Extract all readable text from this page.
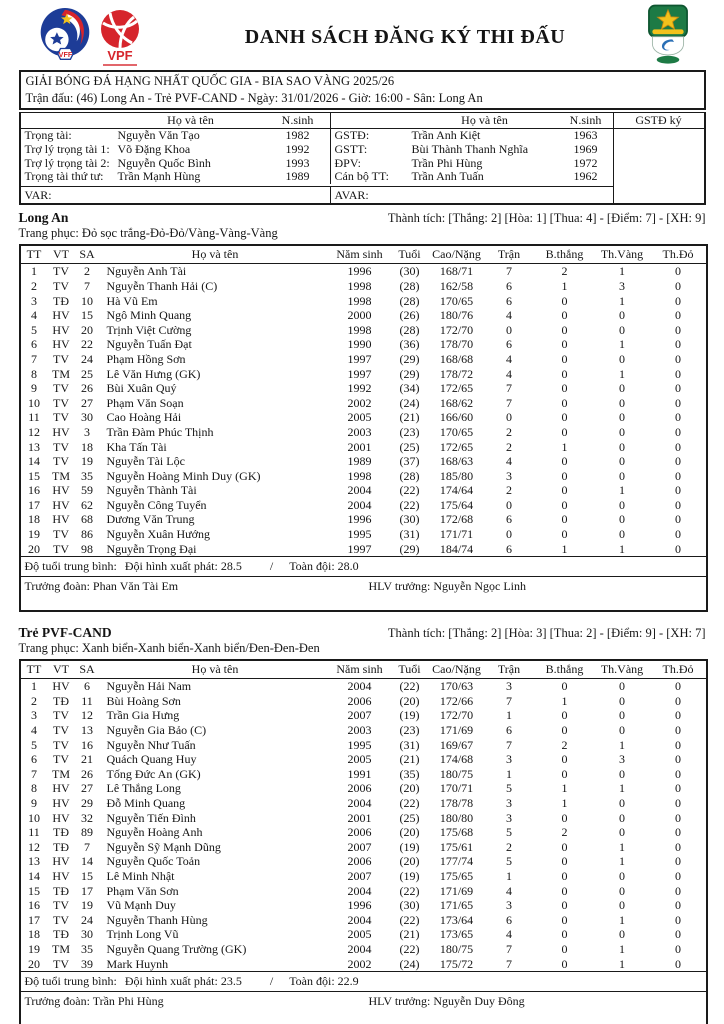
VFF	VPF
DANH SÁCH ĐĂNG KÝ THI ĐẤU
GIẢI BÓNG ĐÁ HẠNG NHẤT QUỐC GIA - BIA SAO VÀNG 2025/26
Trận đấu: (46) Long An - Trẻ PVF-CAND - Ngày: 31/01/2026 - Giờ: 16:00 - Sân: Long An
Họ và tên	N.sinh	Họ và tên	N.sinh
Trọng tài:	Nguyễn Văn Tạo	1982	GSTĐ:	Trần Anh Kiệt	1963
Trợ lý trọng tài 1: Võ Đặng Khoa	1992	GSTT:	Bùi Thành Thanh Nghĩa	1969
Trợ lý trọng tài 2: Nguyễn Quốc Bình	1993	ĐPV:	Trần Phi Hùng	1972
Trọng tài thứ tư:	Trần Mạnh Hùng	1989	Cán bộ TT:	Trần Anh Tuấn	1962
VAR:	AVAR:
GSTĐ ký
Long An	Thành tích: [Thắng: 2] [Hòa: 1] [Thua: 4] - [Điểm: 7] - [XH: 9]
Trang phục: Đỏ sọc trắng-Đỏ-Đỏ/Vàng-Vàng-Vàng
TT	VT	SA	Họ và tên	Năm sinh	Tuổi	Cao/Nặng	Trận	B.thắng	Th.Vàng	Th.Đỏ
1	TV	2	Nguyễn Anh Tài	1996	(30)	168/71	7	2	1	0
2	TV	7	Nguyễn Thanh Hải (C)	1998	(28)	162/58	6	1	3	0
3	TĐ	10	Hà Vũ Em	1998	(28)	170/65	6	0	1	0
4	HV	15	Ngô Minh Quang	2000	(26)	180/76	4	0	0	0
5	HV	20	Trịnh Việt Cường	1998	(28)	172/70	0	0	0	0
6	HV	22	Nguyễn Tuấn Đạt	1990	(36)	178/70	6	0	1	0
7	TV	24	Phạm Hồng Sơn	1997	(29)	168/68	4	0	0	0
8	TM	25	Lê Văn Hưng (GK)	1997	(29)	178/72	4	0	1	0
9	TV	26	Bùi Xuân Quý	1992	(34)	172/65	7	0	0	0
10	TV	27	Phạm Văn Soạn	2002	(24)	168/62	7	0	0	0
11	TV	30	Cao Hoàng Hải	2005	(21)	166/60	0	0	0	0
12	HV	3	Trần Đàm Phúc Thịnh	2003	(23)	170/65	2	0	0	0
13	TV	18	Kha Tấn Tài	2001	(25)	172/65	2	1	0	0
14	TV	19	Nguyễn Tài Lộc	1989	(37)	168/63	4	0	0	0
15	TM	35	Nguyễn Hoàng Minh Duy (GK)	1998	(28)	185/80	3	0	0	0
16	HV	59	Nguyễn Thành Tài	2004	(22)	174/64	2	0	1	0
17	HV	62	Nguyễn Công Tuyển	2004	(22)	175/64	0	0	0	0
18	HV	68	Dương Văn Trung	1996	(30)	172/68	6	0	0	0
19	TV	86	Nguyễn Xuân Hướng	1995	(31)	171/71	0	0	0	0
20	TV	98	Nguyễn Trọng Đại	1997	(29)	184/74	6	1	1	0
Độ tuổi trung bình: Đội hình xuất phát: 28.5 / Toàn đội: 28.0										

Trưởng đoàn: Phan Văn Tài Em HLV trưởng: Nguyễn Ngọc Linh										
Trẻ PVF-CAND	Thành tích: [Thắng: 2] [Hòa: 3] [Thua: 2] - [Điểm: 9] - [XH: 7]
Trang phục: Xanh biển-Xanh biển-Xanh biển/Đen-Đen-Đen
TT	VT	SA	Họ và tên	Năm sinh	Tuổi	Cao/Nặng	Trận	B.thắng	Th.Vàng	Th.Đỏ
1	HV	6	Nguyễn Hải Nam	2004	(22)	170/63	3	0	0	0
2	TĐ	11	Bùi Hoàng Sơn	2006	(20)	172/66	7	1	0	0
3	TV	12	Trần Gia Hưng	2007	(19)	172/70	1	0	0	0
4	TV	13	Nguyễn Gia Bảo (C)	2003	(23)	171/69	6	0	0	0
5	TV	16	Nguyễn Như Tuấn	1995	(31)	169/67	7	2	1	0
6	TV	21	Quách Quang Huy	2005	(21)	174/68	3	0	3	0
7	TM	26	Tống Đức An (GK)	1991	(35)	180/75	1	0	0	0
8	HV	27	Lê Thắng Long	2006	(20)	170/71	5	1	1	0
9	HV	29	Đỗ Minh Quang	2004	(22)	178/78	3	1	0	0
10	HV	32	Nguyễn Tiến Đình	2001	(25)	180/80	3	0	0	0
11	TĐ	89	Nguyễn Hoàng Anh	2006	(20)	175/68	5	2	0	0
12	TĐ	7	Nguyễn Sỹ Mạnh Dũng	2007	(19)	175/61	2	0	1	0
13	HV	14	Nguyễn Quốc Toản	2006	(20)	177/74	5	0	1	0
14	HV	15	Lê Minh Nhật	2007	(19)	175/65	1	0	0	0
15	TĐ	17	Phạm Văn Sơn	2004	(22)	171/69	4	0	0	0
16	TV	19	Vũ Mạnh Duy	1996	(30)	171/65	3	0	0	0
17	TV	24	Nguyễn Thanh Hùng	2004	(22)	173/64	6	0	1	0
18	TĐ	30	Trịnh Long Vũ	2005	(21)	173/65	4	0	0	0
19	TM	35	Nguyễn Quang Trường (GK)	2004	(22)	180/75	7	0	1	0
20	TV	39	Mark Huynh	2002	(24)	175/72	7	0	1	0
Độ tuổi trung bình: Đội hình xuất phát: 23.5 / Toàn đội: 22.9										

Trưởng đoàn: Trần Phi Hùng HLV trưởng: Nguyễn Duy Đông										
